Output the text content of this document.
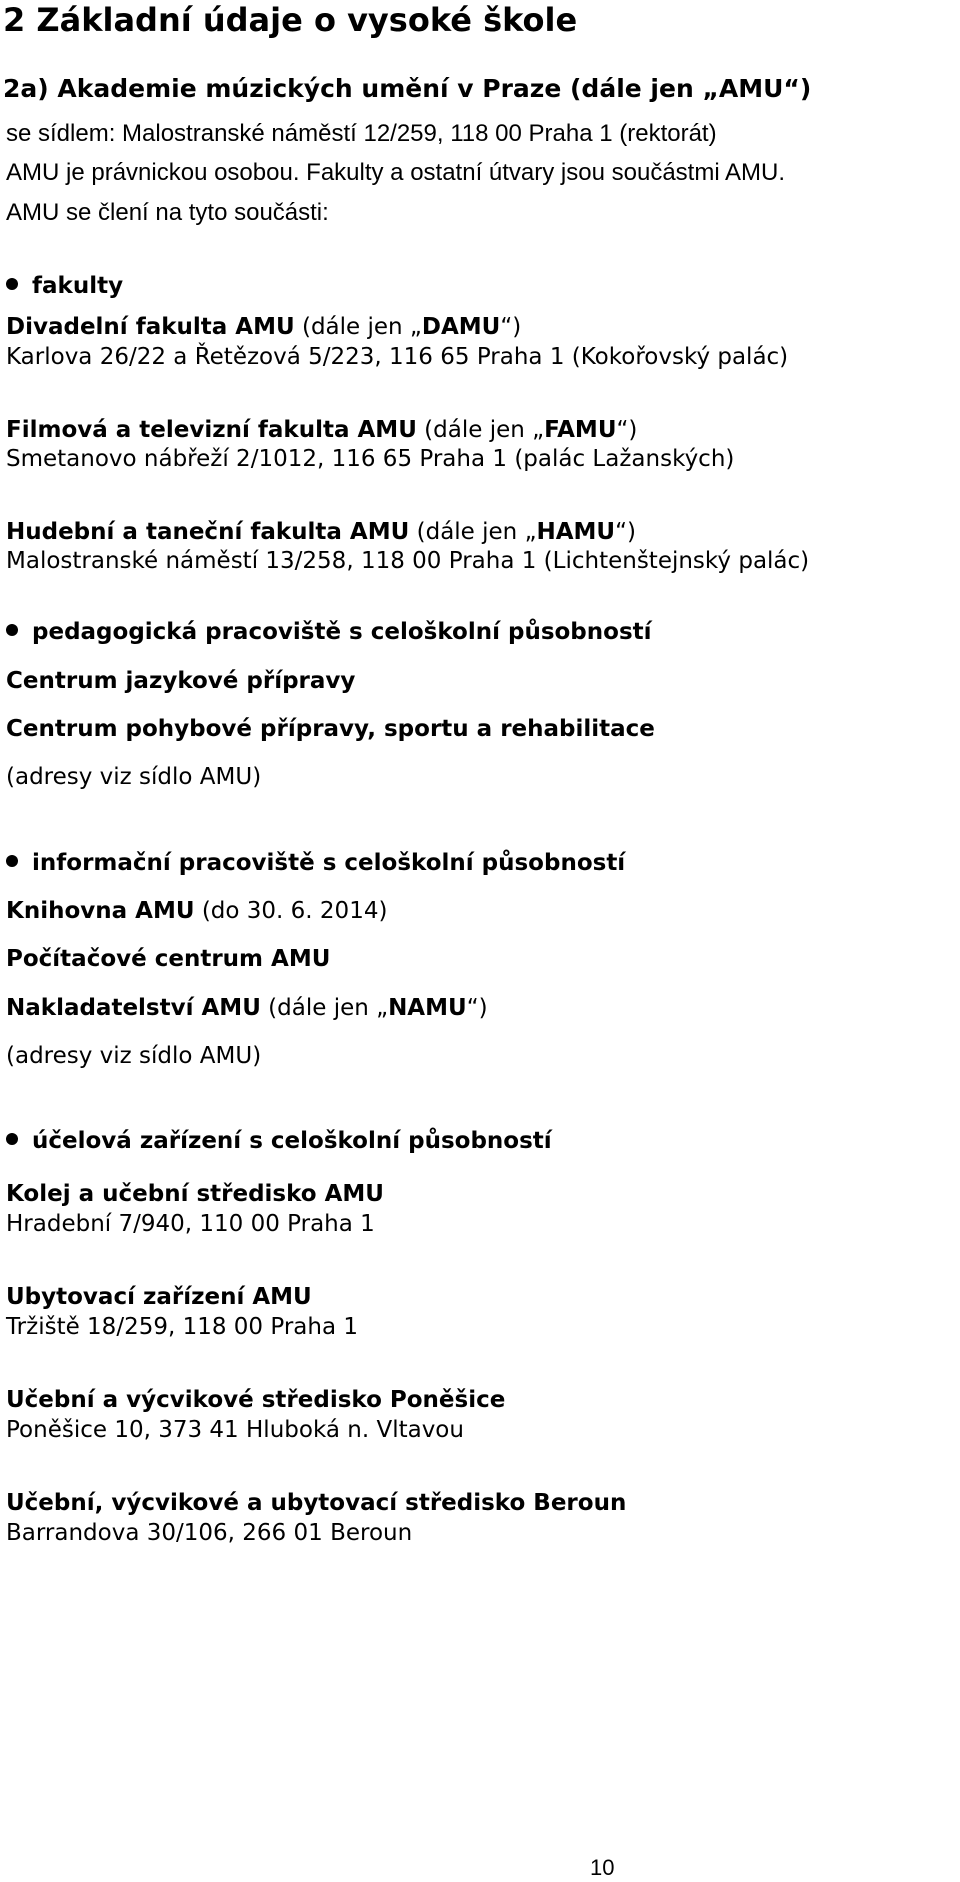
2 Základní údaje o vysoké škole
2a) Akademie múzických umění v Praze (dále jen „AMU“)
se sídlem: Malostranské náměstí 12/259, 118 00 Praha 1 (rektorát)
AMU je právnickou osobou. Fakulty a ostatní útvary jsou součástmi AMU.
AMU se člení na tyto součásti:
fakulty
Divadelní fakulta AMU (dále jen „DAMU“)
Karlova 26/22 a Řetězová 5/223, 116 65 Praha 1 (Kokořovský palác)
Filmová a televizní fakulta AMU (dále jen „FAMU“)
Smetanovo nábřeží 2/1012, 116 65 Praha 1 (palác Lažanských)
Hudební a taneční fakulta AMU (dále jen „HAMU“)
Malostranské náměstí 13/258, 118 00 Praha 1 (Lichtenštejnský palác)
pedagogická pracoviště s celoškolní působností
Centrum jazykové přípravy
Centrum pohybové přípravy, sportu a rehabilitace
(adresy viz sídlo AMU)
informační pracoviště s celoškolní působností
Knihovna AMU (do 30. 6. 2014)
Počítačové centrum AMU
Nakladatelství AMU (dále jen „NAMU“)
(adresy viz sídlo AMU)
účelová zařízení s celoškolní působností
Kolej a učební středisko AMU
Hradební 7/940, 110 00 Praha 1
Ubytovací zařízení AMU
Tržiště 18/259, 118 00 Praha 1
Učební a výcvikové středisko Poněšice
Poněšice 10, 373 41 Hluboká n. Vltavou
Učební, výcvikové a ubytovací středisko Beroun
Barrandova 30/106, 266 01 Beroun
10
